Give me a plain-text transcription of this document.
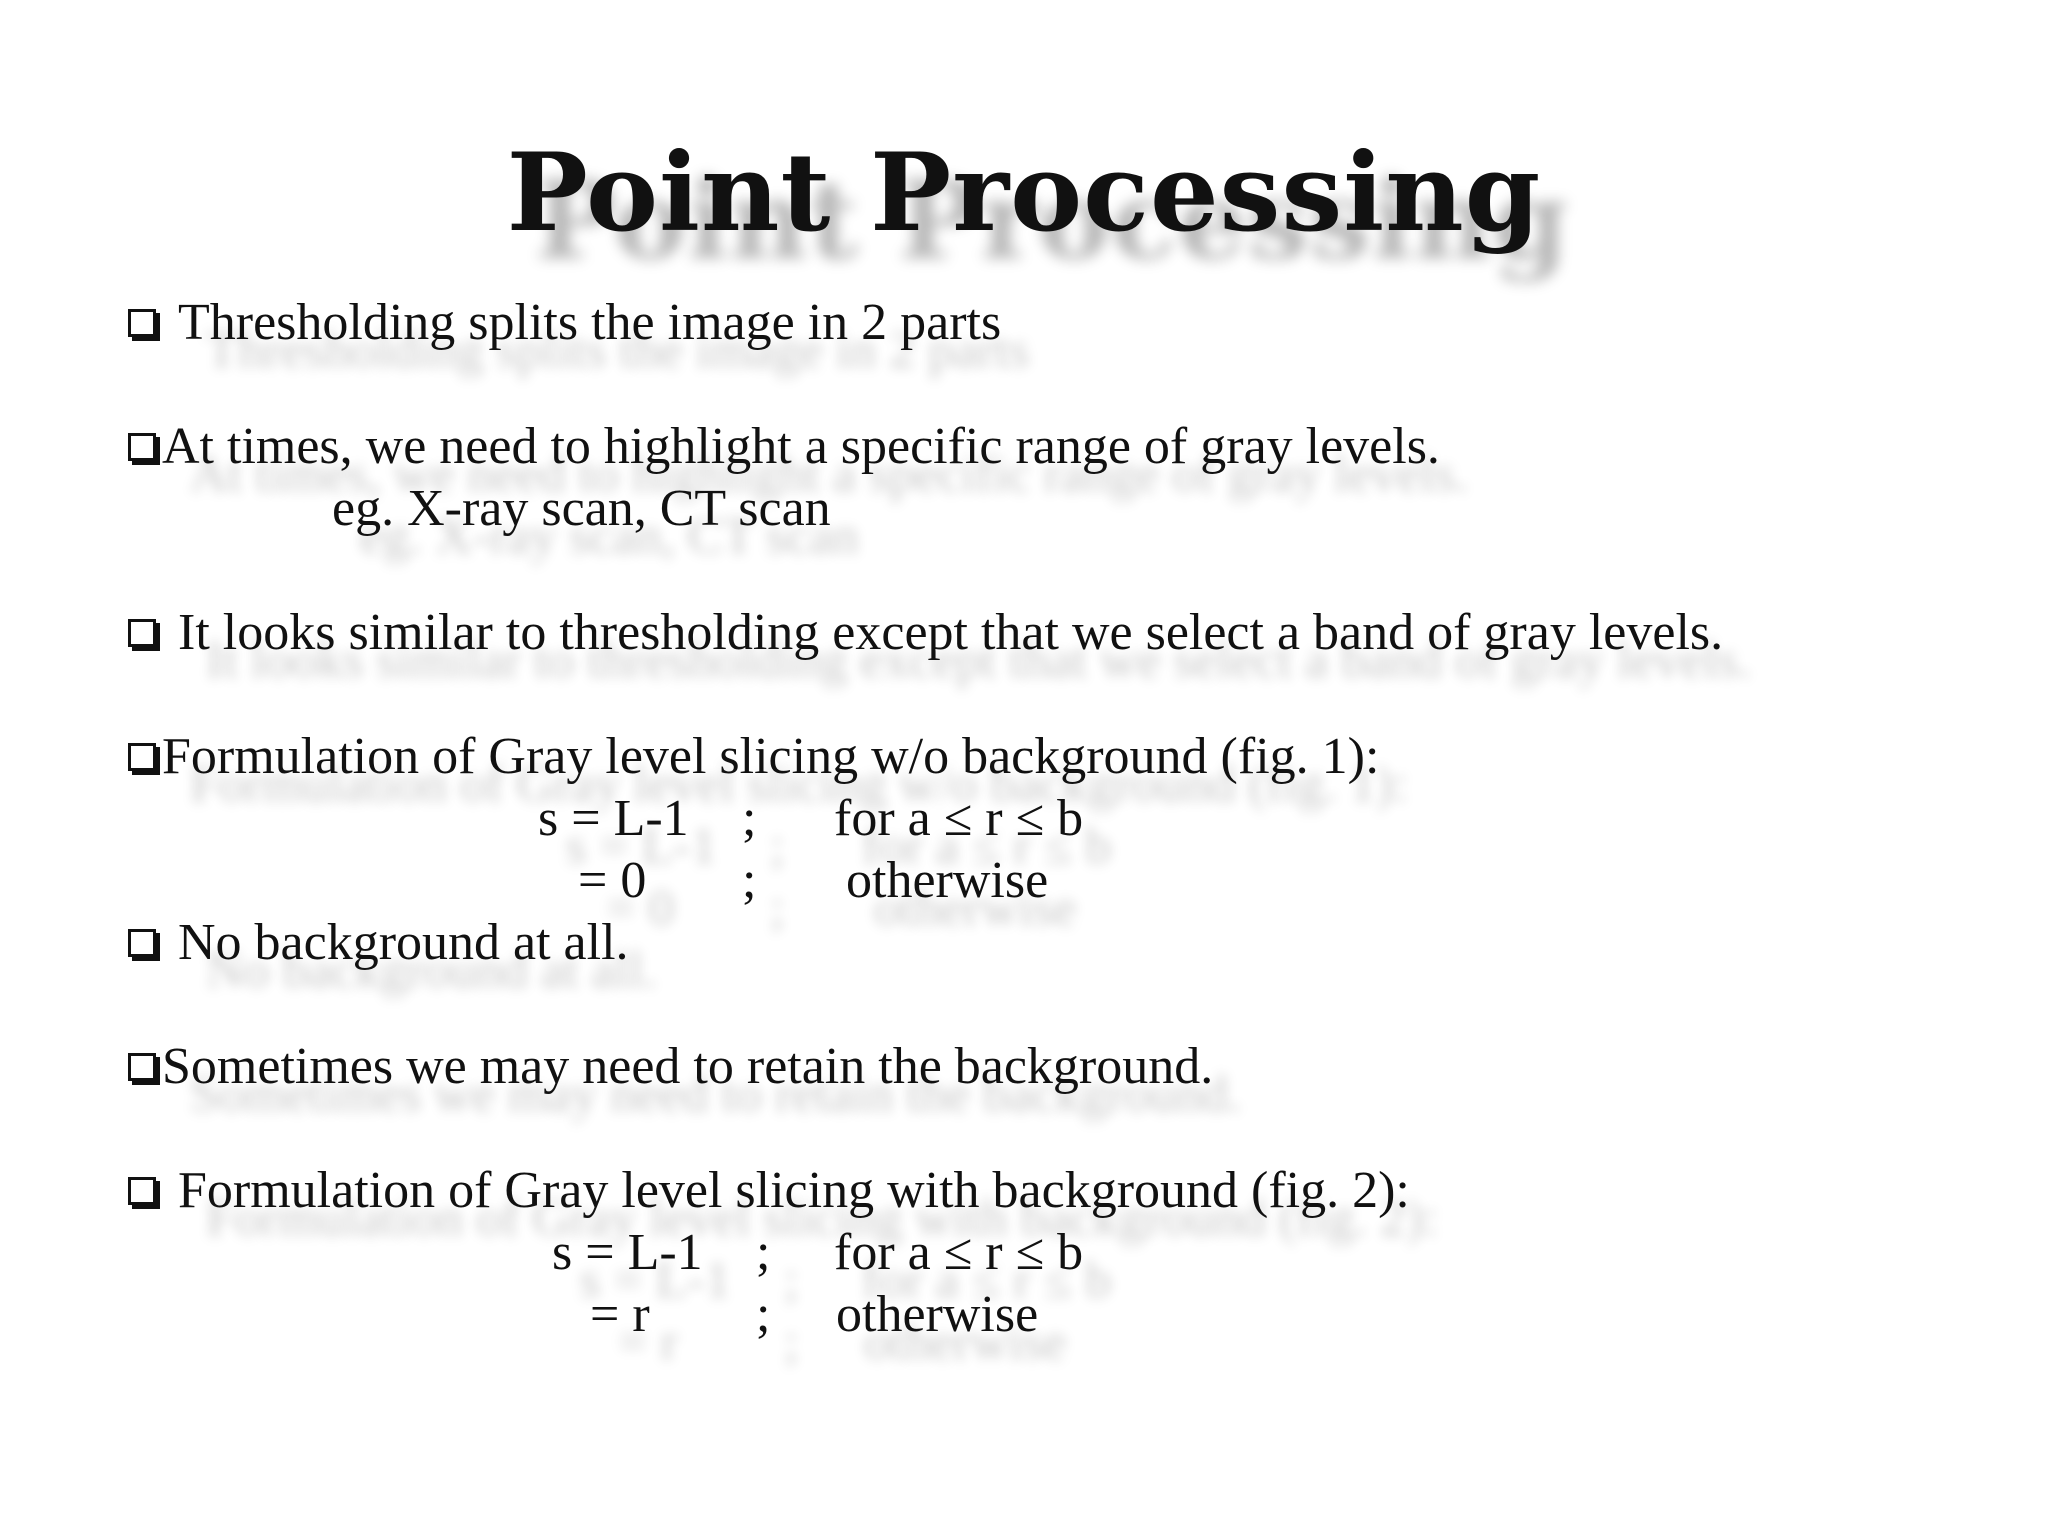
Point Processing
Thresholding splits the image in 2 parts
At times, we need to highlight a specific range of gray levels.
eg. X-ray scan, CT scan
It looks similar to thresholding except that we select a band of gray levels.
Formulation of Gray level slicing w/o background (fig. 1):
s = L-1 ; for a ≤ r ≤ b
= 0 ; otherwise
No background at all.
Sometimes we may need to retain the background.
Formulation of Gray level slicing with background (fig. 2):
s = L-1 ; for a ≤ r ≤ b
= r ; otherwise
